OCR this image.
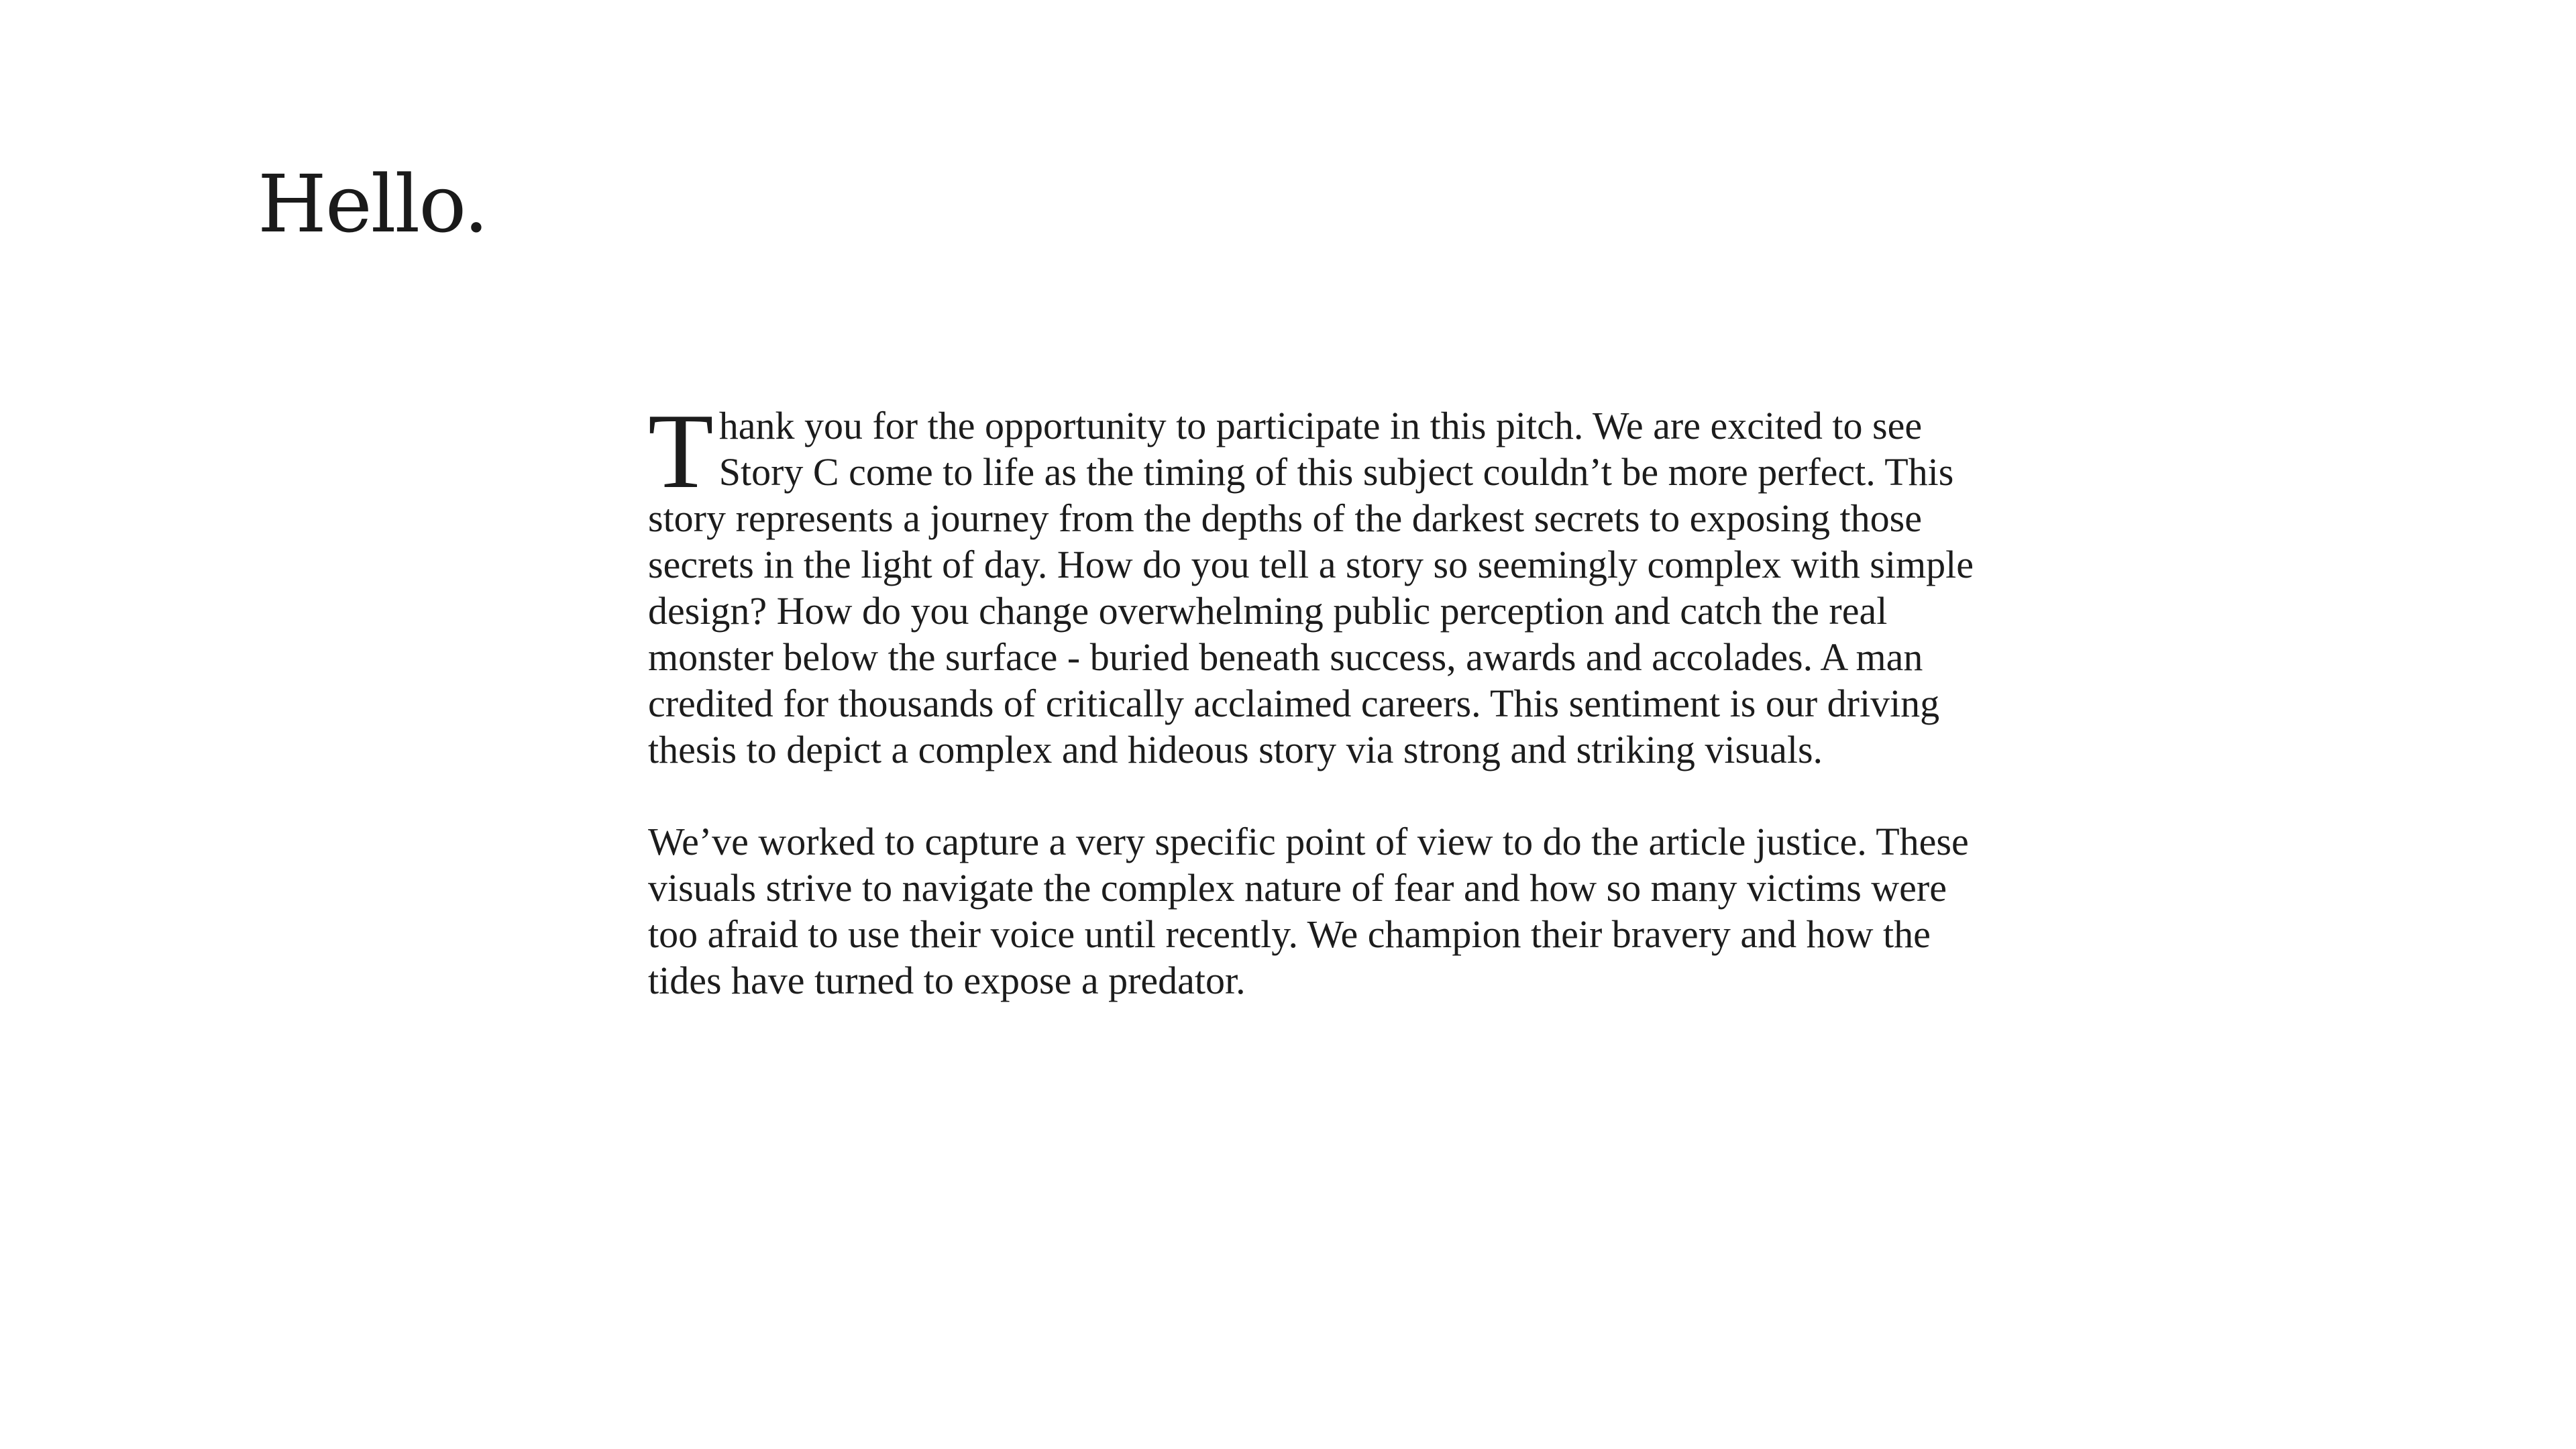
Hello.

Thank you for the opportunity to participate in this pitch. We are excited to see Story C come to life as the timing of this subject couldn’t be more perfect. This story represents a journey from the depths of the darkest secrets to exposing those secrets in the light of day. How do you tell a story so seemingly complex with simple design? How do you change overwhelming public perception and catch the real monster below the surface - buried beneath success, awards and accolades. A man credited for thousands of critically acclaimed careers. This sentiment is our driving thesis to depict a complex and hideous story via strong and striking visuals.

We’ve worked to capture a very specific point of view to do the article justice. These visuals strive to navigate the complex nature of fear and how so many victims were too afraid to use their voice until recently. We champion their bravery and how the tides have turned to expose a predator.
